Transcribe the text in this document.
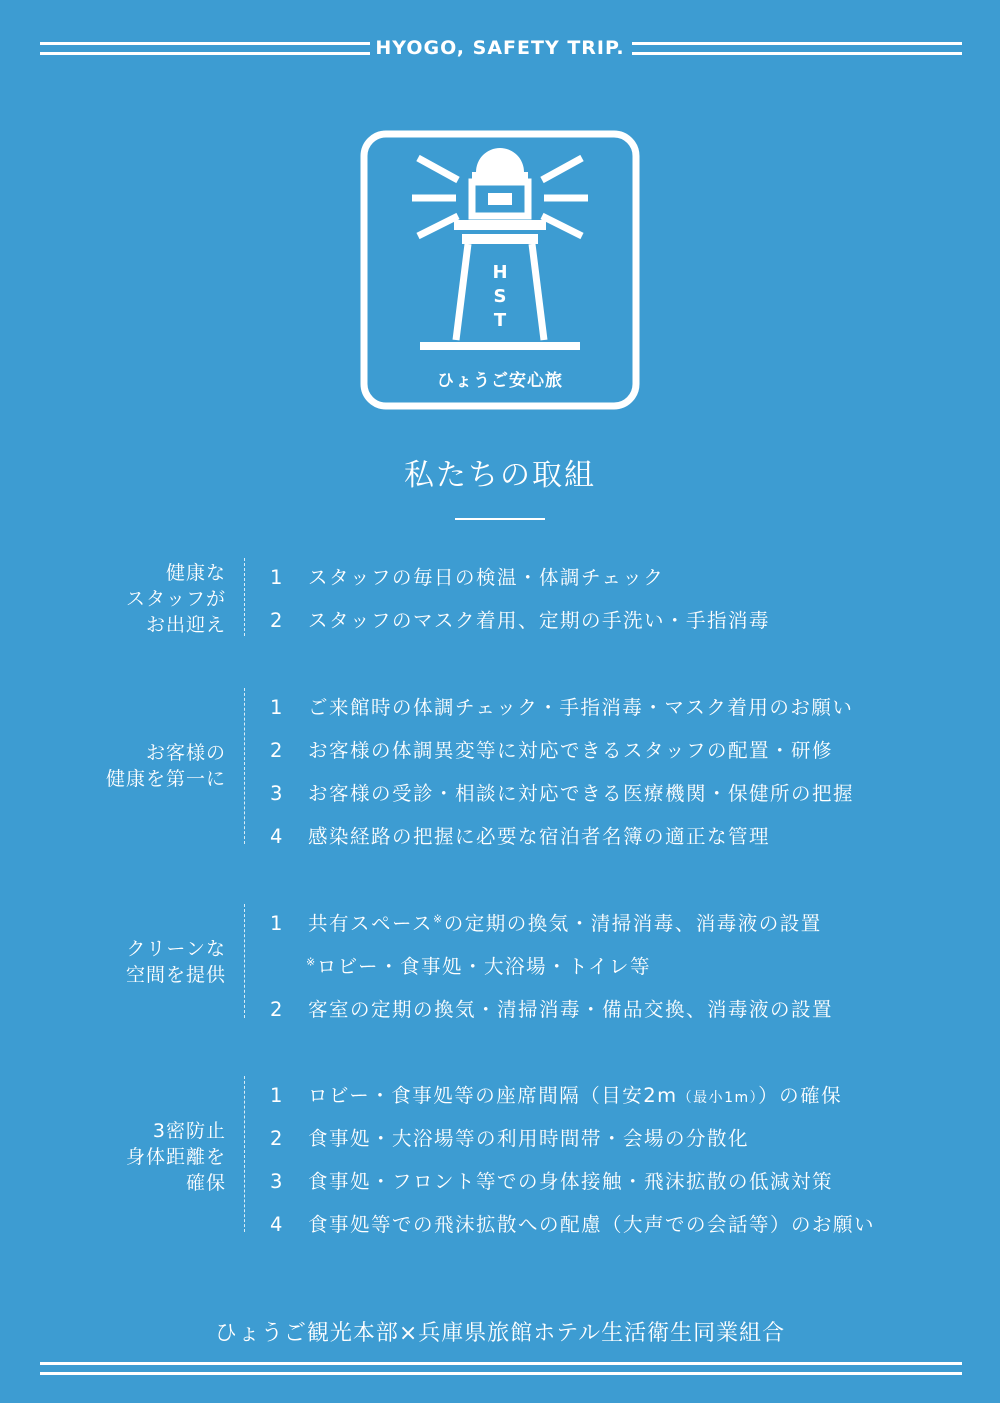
HYOGO, SAFETY TRIP.
H
S
T
ひょうご安心旅
私たちの取組
健康な
スタッフが
お出迎え
1 スタッフの毎日の検温・体調チェック
2 スタッフのマスク着用、定期の手洗い・手指消毒
お客様の
健康を第一に
1 ご来館時の体調チェック・手指消毒・マスク着用のお願い
2 お客様の体調異変等に対応できるスタッフの配置・研修
3 お客様の受診・相談に対応できる医療機関・保健所の把握
4 感染経路の把握に必要な宿泊者名簿の適正な管理
クリーンな
空間を提供
1 共有スペース※の定期の換気・清掃消毒、消毒液の設置
※ロビー・食事処・大浴場・トイレ等
2 客室の定期の換気・清掃消毒・備品交換、消毒液の設置
3密防止
身体距離を
確保
1 ロビー・食事処等の座席間隔（目安2m（最小1m））の確保
2 食事処・大浴場等の利用時間帯・会場の分散化
3 食事処・フロント等での身体接触・飛沫拡散の低減対策
4 食事処等での飛沫拡散への配慮（大声での会話等）のお願い
ひょうご観光本部×兵庫県旅館ホテル生活衛生同業組合
